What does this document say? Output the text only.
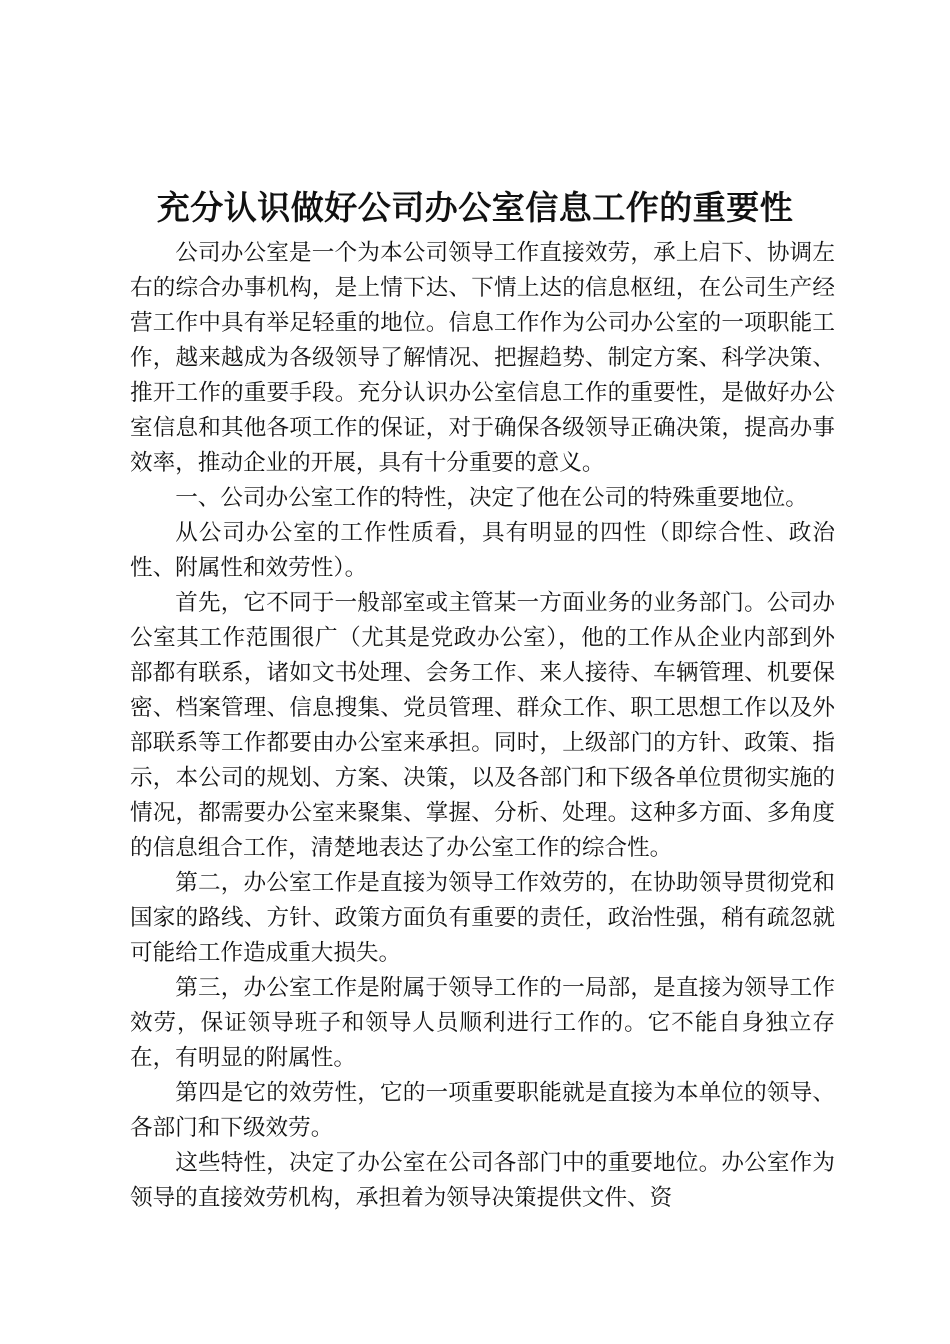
充分认识做好公司办公室信息工作的重要性

公司办公室是一个为本公司领导工作直接效劳，承上启下、协调左右的综合办事机构，是上情下达、下情上达的信息枢纽，在公司生产经营工作中具有举足轻重的地位。信息工作作为公司办公室的一项职能工作，越来越成为各级领导了解情况、把握趋势、制定方案、科学决策、推开工作的重要手段。充分认识办公室信息工作的重要性，是做好办公室信息和其他各项工作的保证，对于确保各级领导正确决策，提高办事效率，推动企业的开展，具有十分重要的意义。

一、公司办公室工作的特性，决定了他在公司的特殊重要地位。

从公司办公室的工作性质看，具有明显的四性（即综合性、政治性、附属性和效劳性）。

首先，它不同于一般部室或主管某一方面业务的业务部门。公司办公室其工作范围很广（尤其是党政办公室），他的工作从企业内部到外部都有联系，诸如文书处理、会务工作、来人接待、车辆管理、机要保密、档案管理、信息搜集、党员管理、群众工作、职工思想工作以及外部联系等工作都要由办公室来承担。同时，上级部门的方针、政策、指示，本公司的规划、方案、决策，以及各部门和下级各单位贯彻实施的情况，都需要办公室来聚集、掌握、分析、处理。这种多方面、多角度的信息组合工作，清楚地表达了办公室工作的综合性。

第二，办公室工作是直接为领导工作效劳的，在协助领导贯彻党和国家的路线、方针、政策方面负有重要的责任，政治性强，稍有疏忽就可能给工作造成重大损失。

第三，办公室工作是附属于领导工作的一局部，是直接为领导工作效劳，保证领导班子和领导人员顺利进行工作的。它不能自身独立存在，有明显的附属性。

第四是它的效劳性，它的一项重要职能就是直接为本单位的领导、各部门和下级效劳。

这些特性，决定了办公室在公司各部门中的重要地位。办公室作为领导的直接效劳机构，承担着为领导决策提供文件、资
